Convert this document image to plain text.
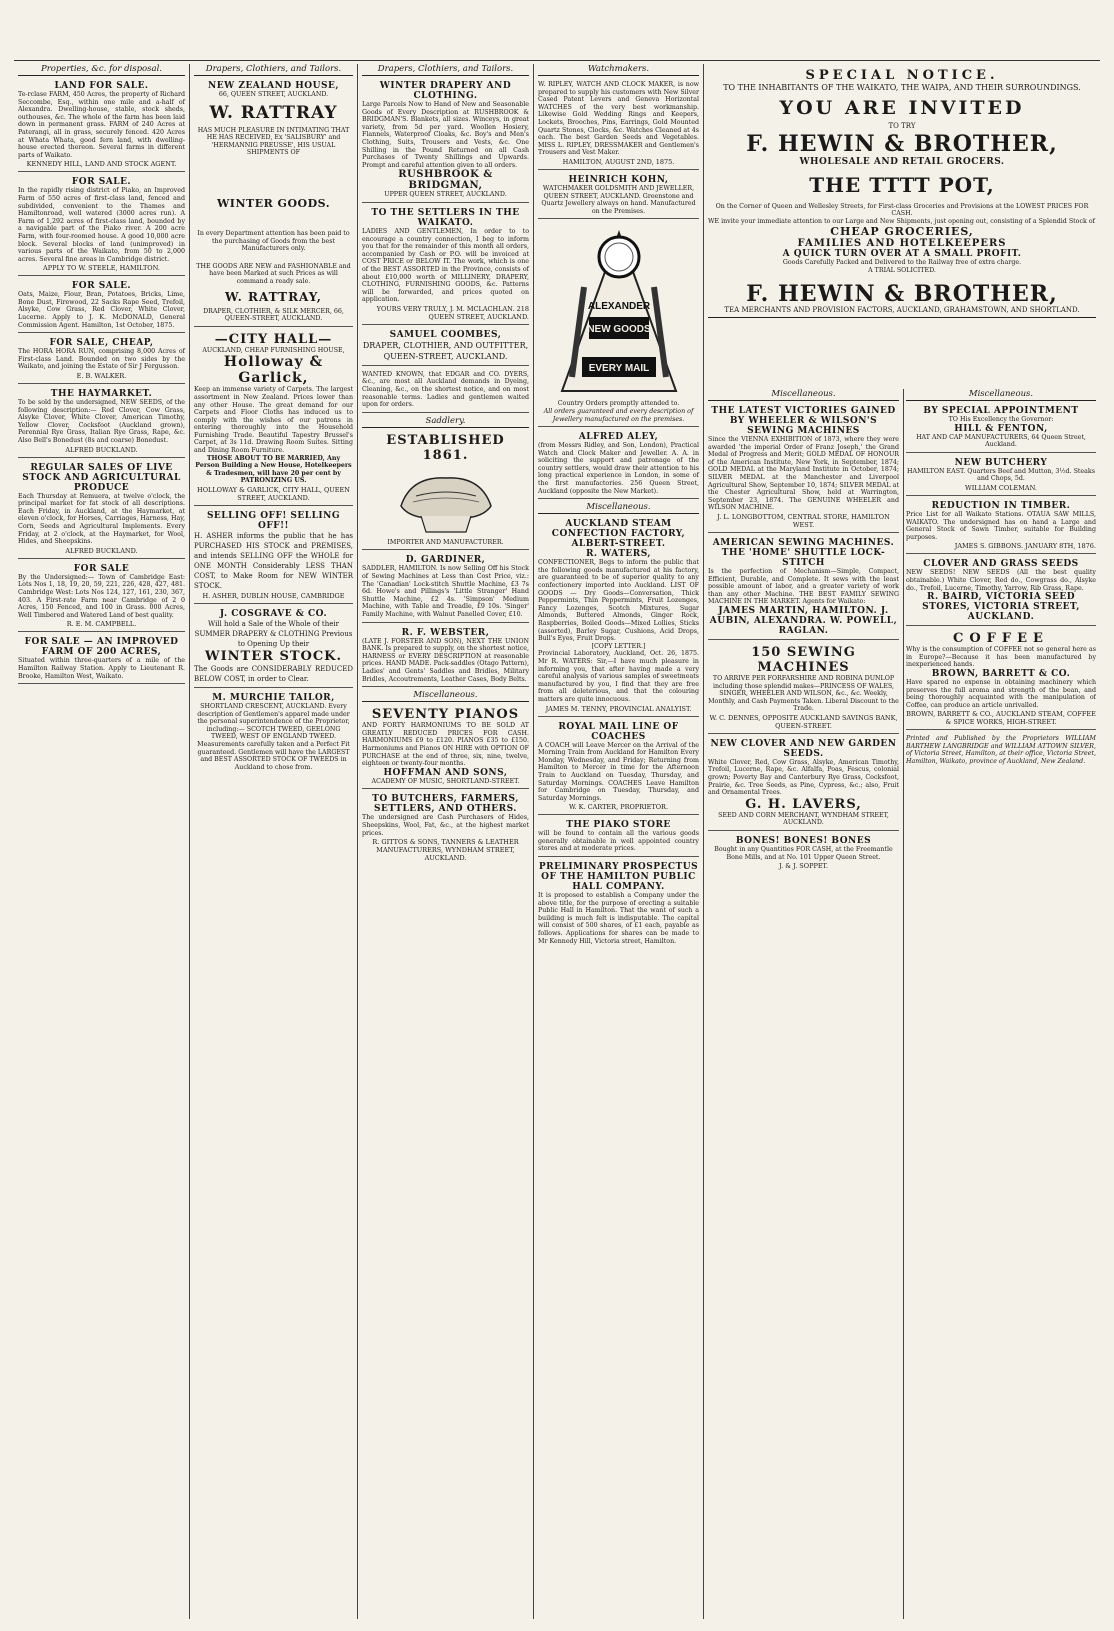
Properties, &c. for disposal.
LAND FOR SALE.
Te-rclase FARM, 450 Acres, the property of Richard Seccombe, Esq., within one mile and a-half of Alexandra. Dwelling-house, stable, stock sheds, outhouses, &c. The whole of the farm has been laid down in permanent grass. FARM of 240 Acres at Paterangi, all in grass, securely fenced. 420 Acres at Whata Whata, good fern land, with dwelling-house erected thereon. Several farms in different parts of Waikato.
KENNEDY HILL, LAND AND STOCK AGENT.
FOR SALE.
In the rapidly rising district of Piako, an Improved Farm of 550 acres of first-class land, fenced and subdivided, convenient to the Thames and Hamiltonroad, well watered (3000 acres run). A Farm of 1,292 acres of first-class land, bounded by a navigable part of the Piako river. A 200 acre Farm, with four-roomed house. A good 10,000 acre block. Several blocks of land (unimproved) in various parts of the Waikato, from 50 to 2,000 acres. Several fine areas in Cambridge district.
APPLY TO W. STEELE, HAMILTON.
FOR SALE.
Oats, Maize, Flour, Bran, Potatoes, Bricks, Lime, Bone Dust, Firewood, 22 Sacks Rape Seed, Trefoil, Alsyke, Cow Grass, Red Clover, White Clover, Lucerne. Apply to J. K. McDONALD, General Commission Agent. Hamilton, 1st October, 1875.
FOR SALE, CHEAP,
The HORA HORA RUN, comprising 8,000 Acres of First-class Land. Bounded on two sides by the Waikato, and joining the Estate of Sir J Fergusson.
E. B. WALKER.
THE HAYMARKET.
To be sold by the undersigned, NEW SEEDS, of the following description:— Red Clover, Cow Grass, Alsyke Clover, White Clover, American Timothy, Yellow Clover, Cocksfoot (Auckland grown), Perennial Rye Grass, Italian Rye Grass, Rape, &c. Also Bell's Bonedust (8s and coarse) Bonedust.
ALFRED BUCKLAND.
REGULAR SALES OF LIVE STOCK AND AGRICULTURAL PRODUCE
Each Thursday at Remuera, at twelve o'clock, the principal market for fat stock of all descriptions. Each Friday, in Auckland, at the Haymarket, at eleven o'clock, for Horses, Carriages, Harness, Hay, Corn, Seeds and Agricultural Implements. Every Friday, at 2 o'clock, at the Haymarket, for Wool, Hides, and Sheepskins.
ALFRED BUCKLAND.
FOR SALE
By the Undersigned:— Town of Cambridge East: Lots Nos 1, 18, 19, 20, 59, 221, 226, 428, 427, 481. Cambridge West: Lots Nos 124, 127, 161, 230, 367, 403. A First-rate Farm near Cambridge of 2 0 Acres, 150 Fenced, and 100 in Grass. 000 Acres, Well Timbered and Watered Land of best quality.
R. E. M. CAMPBELL.
FOR SALE — AN IMPROVED FARM OF 200 ACRES,
Situated within three-quarters of a mile of the Hamilton Railway Station. Apply to Lieutenant R. Brooke, Hamilton West, Waikato.
Drapers, Clothiers, and Tailors.
NEW ZEALAND HOUSE,
66, QUEEN STREET, AUCKLAND.
W. RATTRAY
HAS MUCH PLEASURE IN INTIMATING THAT HE HAS RECEIVED, Ex 'SALISBURY' and 'HERMANNIG PREUSSE', HIS USUAL SHIPMENTS OF
WINTER GOODS.
In every Department attention has been paid to the purchasing of Goods from the best Manufacturers only.
THE GOODS ARE NEW and FASHIONABLE and have been Marked at such Prices as will command a ready sale.
W. RATTRAY,
DRAPER, CLOTHIER, & SILK MERCER, 66, QUEEN-STREET, AUCKLAND.
—CITY HALL—
AUCKLAND, CHEAP FURNISHING HOUSE,
Holloway & Garlick,
Keep an immense variety of Carpets. The largest assortment in New Zealand. Prices lower than any other House. The great demand for our Carpets and Floor Cloths has induced us to comply with the wishes of our patrons in entering thoroughly into the Household Furnishing Trade. Beautiful Tapestry Brussel's Carpet, at 3s 11d. Drawing Room Suites. Sitting and Dining Room Furniture.
THOSE ABOUT TO BE MARRIED, Any Person Building a New House, Hotelkeepers & Tradesmen, will have 20 per cent by PATRONIZING US.
HOLLOWAY & GARLICK, CITY HALL, QUEEN STREET, AUCKLAND.
SELLING OFF! SELLING OFF!!
H. ASHER informs the public that he has PURCHASED HIS STOCK and PREMISES, and intends SELLING OFF the WHOLE for ONE MONTH Considerably LESS THAN COST, to Make Room for NEW WINTER STOCK.
H. ASHER, DUBLIN HOUSE, CAMBRIDGE
J. COSGRAVE & CO.
Will hold a Sale of the Whole of their SUMMER DRAPERY & CLOTHING Previous to Opening Up their
WINTER STOCK.
The Goods are CONSIDERABLY REDUCED BELOW COST, in order to Clear.
M. MURCHIE TAILOR,
SHORTLAND CRESCENT, AUCKLAND. Every description of Gentlemen's apparel made under the personal superintendence of the Proprietor, including:— SCOTCH TWEED, GEELONG TWEED, WEST OF ENGLAND TWEED. Measurements carefully taken and a Perfect Fit guaranteed. Gentlemen will have the LARGEST and BEST ASSORTED STOCK OF TWEEDS in Auckland to chose from.
Drapers, Clothiers, and Tailors.
WINTER DRAPERY AND CLOTHING.
Large Parcels Now to Hand of New and Seasonable Goods of Every Description at RUSHBROOK & BRIDGMAN'S. Blankets, all sizes. Winceys, in great variety, from 5d per yard. Woollen Hosiery, Flannels, Waterproof Cloaks, &c. Boy's and Men's Clothing, Suits, Trousers and Vests, &c. One Shilling in the Pound Returned on all Cash Purchases of Twenty Shillings and Upwards. Prompt and careful attention given to all orders.
RUSHBROOK & BRIDGMAN,
UPPER QUEEN STREET, AUCKLAND.
TO THE SETTLERS IN THE WAIKATO.
LADIES AND GENTLEMEN, In order to to encourage a country connection, I beg to inform you that for the remainder of this month all orders, accompanied by Cash or P.O. will be invoiced at COST PRICE or BELOW IT. The work, which is one of the BEST ASSORTED in the Province, consists of about £10,000 worth of MILLINERY, DRAPERY, CLOTHING, FURNISHING GOODS, &c. Patterns will be forwarded, and prices quoted on application.
YOURS VERY TRULY, J. M. MCLACHLAN. 218 QUEEN STREET, AUCKLAND.
SAMUEL COOMBES,
DRAPER, CLOTHIER, AND OUTFITTER, QUEEN-STREET, AUCKLAND.
WANTED KNOWN, that EDGAR and CO. DYERS, &c., are most all Auckland demands in Dyeing, Cleaning, &c., on the shortest notice, and on most reasonable terms. Ladies and gentlemen waited upon for orders.
Saddlery.
ESTABLISHED 1861.
IMPORTER AND MANUFACTURER.
D. GARDINER,
SADDLER, HAMILTON. Is now Selling Off his Stock of Sewing Machines at Less than Cost Price, viz.: The 'Canadian' Lock-stitch Shuttle Machine, £3 7s 6d. Howe's and Pillings's 'Little Stranger' Hand Shuttle Machine, £2 4s. 'Simpson' Medium Machine, with Table and Treadle, £9 10s. 'Singer' Family Machine, with Walnut Panelled Cover, £10.
R. F. WEBSTER,
(LATE J. FORSTER AND SON), NEXT THE UNION BANK. Is prepared to supply, on the shortest notice, HARNESS or EVERY DESCRIPTION at reasonable prices. HAND MADE. Pack-saddles (Otago Pattern), Ladies' and Gents' Saddles and Bridles, Military Bridles, Accoutrements, Leather Cases, Body Belts.
Miscellaneous.
SEVENTY PIANOS
AND FORTY HARMONIUMS TO BE SOLD AT GREATLY REDUCED PRICES FOR CASH. HARMONIUMS £9 to £120. PIANOS £35 to £150. Harmoniums and Pianos ON HIRE with OPTION OF PURCHASE at the end of three, six, nine, twelve, eighteen or twenty-four months.
HOFFMAN AND SONS,
ACADEMY OF MUSIC, SHORTLAND-STREET.
TO BUTCHERS, FARMERS, SETTLERS, AND OTHERS.
The undersigned are Cash Purchasers of Hides, Sheepskins, Wool, Fat, &c., at the highest market prices.
R. GITTOS & SONS, TANNERS & LEATHER MANUFACTURERS, WYNDHAM STREET, AUCKLAND.
Watchmakers.
W. RIPLEY, WATCH AND CLOCK MAKER, is now prepared to supply his customers with New Silver Cased Patent Levers and Geneva Horizontal WATCHES of the very best workmanship. Likewise Gold Wedding Rings and Keepers, Lockets, Brooches, Pins, Earrings, Gold Mounted Quartz Stones, Clocks, &c. Watches Cleaned at 4s each. The best Garden Seeds and Vegetables. MISS L. RIPLEY, DRESSMAKER and Gentlemen's Trousers and Vest Maker.
HAMILTON, AUGUST 2ND, 1875.
HEINRICH KOHN,
WATCHMAKER GOLDSMITH AND JEWELLER, QUEEN STREET, AUCKLAND. Greenstone and Quartz Jewellery always on hand. Manufactured on the Premises.
ALEXANDER
NEW GOODS
EVERY MAIL
Country Orders promptly attended to.
All orders guaranteed and every description of Jewellery manufactured on the premises.
ALFRED ALEY,
(from Messrs Ridley, and Son, London), Practical Watch and Clock Maker and Jeweller. A. A. in soliciting the support and patronage of the country settlers, would draw their attention to his long practical experience in London, in some of the first manufactories. 256 Queen Street, Auckland (opposite the New Market).
Miscellaneous.
AUCKLAND STEAM CONFECTION FACTORY, ALBERT-STREET.
R. WATERS,
CONFECTIONER, Begs to inform the public that the following goods manufactured at his factory, are guaranteed to be of superior quality to any confectionery imported into Auckland. LIST OF GOODS — Dry Goods—Conversation, Thick Peppermints, Thin Peppermints, Fruit Lozenges, Fancy Lozenges, Scotch Mixtures, Sugar Almonds, Buttered Almonds, Ginger Rock, Raspberries, Boiled Goods—Mixed Lollies, Sticks (assorted), Barley Sugar, Cushions, Acid Drops, Bull's Eyes, Fruit Drops.
[COPY LETTER.]
Provincial Laboratory, Auckland, Oct. 26, 1875. Mr R. WATERS: Sir,—I have much pleasure in informing you, that after having made a very careful analysis of various samples of sweetmeats manufactured by you, I find that they are free from all deleterious, and that the colouring matters are quite innocuous.
JAMES M. TENNY, PROVINCIAL ANALYIST.
ROYAL MAIL LINE OF COACHES
A COACH will Leave Mercer on the Arrival of the Morning Train from Auckland for Hamilton Every Monday, Wednesday, and Friday; Returning from Hamilton to Mercer in time for the Afternoon Train to Auckland on Tuesday, Thursday, and Saturday Mornings. COACHES Leave Hamilton for Cambridge on Tuesday, Thursday, and Saturday Mornings.
W. K. CARTER, PROPRIETOR.
THE PIAKO STORE
will be found to contain all the various goods generally obtainable in well appointed country stores and at moderate prices.
PRELIMINARY PROSPECTUS OF THE HAMILTON PUBLIC HALL COMPANY.
It is proposed to establish a Company under the above title, for the purpose of erecting a suitable Public Hall in Hamilton. That the want of such a building is much felt is indisputable. The capital will consist of 500 shares, of £1 each, payable as follows. Applications for shares can be made to Mr Kennedy Hill, Victoria street, Hamilton.
SPECIAL NOTICE.
TO THE INHABITANTS OF THE WAIKATO, THE WAIPA, AND THEIR SURROUNDINGS.
YOU ARE INVITED
TO TRY
F. HEWIN & BROTHER,
WHOLESALE AND RETAIL GROCERS.
THE TTTT POT,
On the Corner of Queen and Wellesley Streets, for First-class Groceries and Provisions at the LOWEST PRICES FOR CASH.
WE invite your immediate attention to our Large and New Shipments, just opening out, consisting of a Splendid Stock of
CHEAP GROCERIES,
FAMILIES AND HOTELKEEPERS
A QUICK TURN OVER AT A SMALL PROFIT.
Goods Carefully Packed and Delivered to the Railway free of extra charge.
A TRIAL SOLICITED.
F. HEWIN & BROTHER,
TEA MERCHANTS AND PROVISION FACTORS, AUCKLAND, GRAHAMSTOWN, AND SHORTLAND.
Miscellaneous.
THE LATEST VICTORIES GAINED BY WHEELER & WILSON'S SEWING MACHINES
Since the VIENNA EXHIBITION of 1873, where they were awarded 'the imperial Order of Franz Joseph,' the Grand Medal of Progress and Merit; GOLD MEDAL OF HONOUR of the American Institute, New York, in September, 1874; GOLD MEDAL at the Maryland Institute in October, 1874; SILVER MEDAL at the Manchester and Liverpool Agricultural Show, September 10, 1874; SILVER MEDAL at the Chester Agricultural Show, held at Warrington, September 23, 1874. The GENUINE WHEELER and WILSON MACHINE.
J. L. LONGBOTTOM, CENTRAL STORE, HAMILTON WEST.
AMERICAN SEWING MACHINES.
THE 'HOME' SHUTTLE LOCK-STITCH
Is the perfection of Mechanism—Simple, Compact, Efficient, Durable, and Complete. It sews with the least possible amount of labor, and a greater variety of work than any other Machine. THE BEST FAMILY SEWING MACHINE IN THE MARKET. Agents for Waikato:
JAMES MARTIN, HAMILTON. J. AUBIN, ALEXANDRA. W. POWELL, RAGLAN.
150 SEWING MACHINES
TO ARRIVE PER FORFARSHIRE AND ROBINA DUNLOP including those splendid makes—PRINCESS OF WALES, SINGER, WHEELER AND WILSON, &c., &c. Weekly, Monthly, and Cash Payments Taken. Liberal Discount to the Trade.
W. C. DENNES, OPPOSITE AUCKLAND SAVINGS BANK, QUEEN-STREET.
NEW CLOVER AND NEW GARDEN SEEDS.
White Clover, Red, Cow Grass, Alsyke, American Timothy, Trefoil, Lucerne, Rape, &c. Alfalfa, Poas, Fescus, colonial grown; Poverty Bay and Canterbury Rye Grass, Cocksfoot, Prairie, &c. Tree Seeds, as Pine, Cypress, &c.; also, Fruit and Ornamental Trees.
G. H. LAVERS,
SEED AND CORN MERCHANT, WYNDHAM STREET, AUCKLAND.
BONES! BONES! BONES
Bought in any Quantities FOR CASH, at the Freemantle Bone Mills, and at No. 101 Upper Queen Street.
J. & J. SOPPET.
Miscellaneous.
BY SPECIAL APPOINTMENT
TO His Excellency the Governor:
HILL & FENTON,
HAT AND CAP MANUFACTURERS, 64 Queen Street, Auckland.
NEW BUTCHERY
HAMILTON EAST. Quarters Beef and Mutton, 3½d. Steaks and Chops, 5d.
WILLIAM COLEMAN.
REDUCTION IN TIMBER.
Price List for all Waikato Stations. OTAUA SAW MILLS, WAIKATO. The undersigned has on hand a Large and General Stock of Sawn Timber, suitable for Building purposes.
JAMES S. GIBBONS. JANUARY 8TH, 1876.
CLOVER AND GRASS SEEDS
NEW SEEDS! NEW SEEDS (All the best quality obtainable.) White Clover, Red do., Cowgrass do., Alsyke do., Trefoil, Lucerne, Timothy, Yarrow, Rib Grass, Rape.
R. BAIRD, VICTORIA SEED STORES, VICTORIA STREET, AUCKLAND.
COFFEE
Why is the consumption of COFFEE not so general here as in Europe?—Because it has been manufactured by inexperienced hands.
BROWN, BARRETT & CO.
Have spared no expense in obtaining machinery which preserves the full aroma and strength of the bean, and being thoroughly acquainted with the manipulation of Coffee, can produce an article unrivalled.
BROWN, BARRETT & CO., AUCKLAND STEAM, COFFEE & SPICE WORKS, HIGH-STREET.
Printed and Published by the Proprietors WILLIAM BARTHEW LANGBRIDGE and WILLIAM ATTOWN SILVER, of Victoria Street, Hamilton, at their office, Victoria Street, Hamilton, Waikato, province of Auckland, New Zealand.
